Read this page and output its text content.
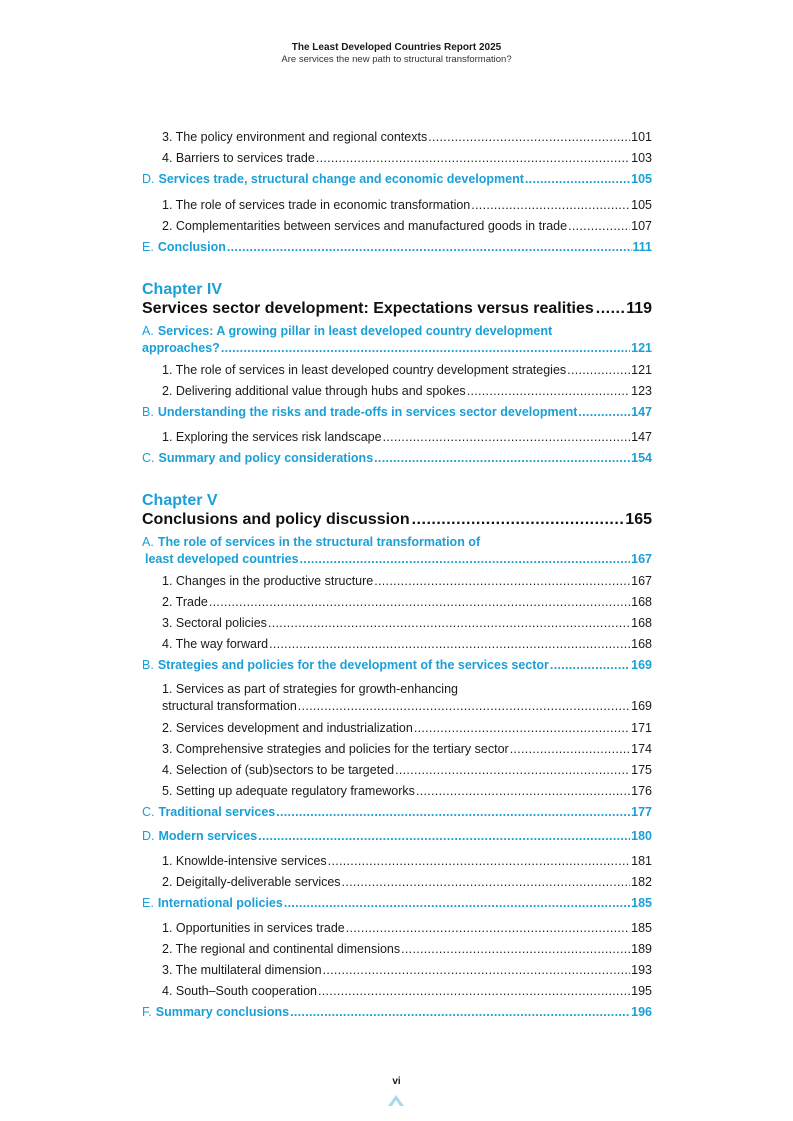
The Least Developed Countries Report 2025
Are services the new path to structural transformation?
3. The policy environment and regional contexts .....	101
4. Barriers to services trade .....	103
D. Services trade, structural change and economic development .....	105
1. The role of services trade in economic transformation .....	105
2. Complementarities between services and manufactured goods in trade .....	107
E. Conclusion .....	111
Chapter IV
Services sector development: Expectations versus realities ..... 119
A. Services: A growing pillar in least developed country development
approaches? .....	121
1. The role of services in least developed country development strategies .....	121
2. Delivering additional value through hubs and spokes .....	123
B. Understanding the risks and trade-offs in services sector development .....	147
1. Exploring the services risk landscape .....	147
C. Summary and policy considerations .....	154
Chapter V
Conclusions and policy discussion .....	165
A. The role of services in the structural transformation of
least developed countries .....	167
1. Changes in the productive structure .....	167
2. Trade .....	168
3. Sectoral policies .....	168
4. The way forward .....	168
B. Strategies and policies for the development of the services sector .....	169
1. Services as part of strategies for growth-enhancing
structural transformation .....	169
2. Services development and industrialization .....	171
3. Comprehensive strategies and policies for the tertiary sector .....	174
4. Selection of (sub)sectors to be targeted .....	175
5. Setting up adequate regulatory frameworks .....	176
C. Traditional services .....	177
D. Modern services .....	180
1. Knowlde-intensive services .....	181
2. Deigitally-deliverable services .....	182
E. International policies .....	185
1. Opportunities in services trade .....	185
2. The regional and continental dimensions .....	189
3. The multilateral dimension .....	193
4. South–South cooperation .....	195
F. Summary conclusions .....	196
vi
